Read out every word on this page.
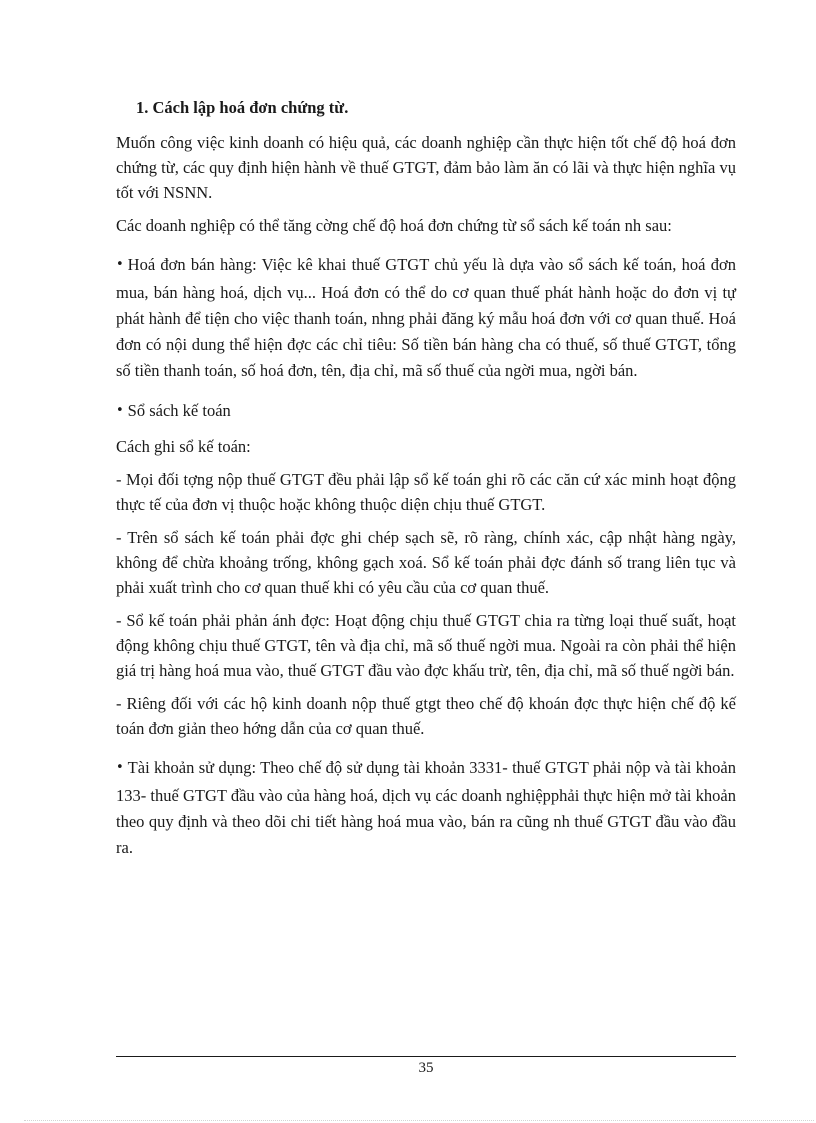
1. Cách lập hoá đơn chứng từ.

Muốn công việc kinh doanh có hiệu quả, các doanh nghiệp cần thực hiện tốt chế độ hoá đơn chứng từ, các quy định hiện hành về thuế GTGT, đảm bảo làm ăn có lãi và thực hiện nghĩa vụ tốt với NSNN.

Các doanh nghiệp có thể tăng cờng chế độ hoá đơn chứng từ sổ sách kế toán nh sau:

• Hoá đơn bán hàng: Việc kê khai thuế GTGT chủ yếu là dựa vào sổ sách kế toán, hoá đơn mua, bán hàng hoá, dịch vụ... Hoá đơn có thể do cơ quan thuế phát hành hoặc do đơn vị tự phát hành để tiện cho việc thanh toán, nhng phải đăng ký mẫu hoá đơn với cơ quan thuế. Hoá đơn có nội dung thể hiện đợc các chỉ tiêu: Số tiền bán hàng cha có thuế, số thuế GTGT, tổng số tiền thanh toán, số hoá đơn, tên, địa chỉ, mã số thuế của ngời mua, ngời bán.

• Sổ sách kế toán

Cách ghi sổ kế toán:

- Mọi đối tợng nộp thuế GTGT đều phải lập sổ kế toán ghi rõ các căn cứ xác minh hoạt động thực tế của đơn vị thuộc hoặc không thuộc diện chịu thuế GTGT.

- Trên sổ sách kế toán phải đợc ghi chép sạch sẽ, rõ ràng, chính xác, cập nhật hàng ngày, không để chừa khoảng trống, không gạch xoá. Sổ kế toán phải đợc đánh số trang liên tục và phải xuất trình cho cơ quan thuế khi có yêu cầu của cơ quan thuế.

- Sổ kế toán phải phản ánh đợc: Hoạt động chịu thuế GTGT chia ra từng loại thuế suất, hoạt động không chịu thuế GTGT, tên và địa chỉ, mã số thuế ngời mua. Ngoài ra còn phải thể hiện giá trị hàng hoá mua vào, thuế GTGT đầu vào đợc khấu trừ, tên, địa chỉ, mã số thuế ngời bán.

- Riêng đối với các hộ kinh doanh nộp thuế gtgt theo chế độ khoán đợc thực hiện chế độ kế toán đơn giản theo hớng dẫn của cơ quan thuế.

• Tài khoản sử dụng: Theo chế độ sử dụng tài khoản 3331- thuế GTGT phải nộp và tài khoản 133- thuế GTGT đầu vào của hàng hoá, dịch vụ các doanh nghiệpphải thực hiện mở tài khoản theo quy định và theo dõi chi tiết hàng hoá mua vào, bán ra cũng nh thuế GTGT đầu vào đầu ra.

35
